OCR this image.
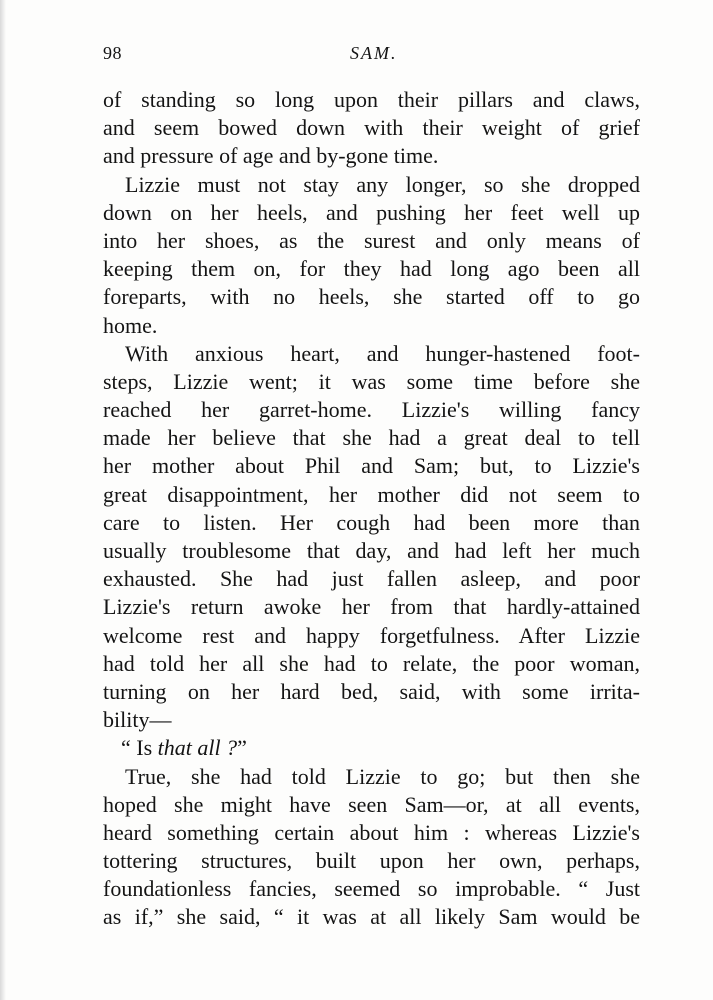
98	SAM.
of standing so long upon their pillars and claws,
and seem bowed down with their weight of grief
and pressure of age and by-gone time.
Lizzie must not stay any longer, so she dropped
down on her heels, and pushing her feet well up
into her shoes, as the surest and only means of
keeping them on, for they had long ago been all
foreparts, with no heels, she started off to go
home.
With anxious heart, and hunger-hastened foot-
steps, Lizzie went; it was some time before she
reached her garret-home. Lizzie's willing fancy
made her believe that she had a great deal to tell
her mother about Phil and Sam; but, to Lizzie's
great disappointment, her mother did not seem to
care to listen. Her cough had been more than
usually troublesome that day, and had left her much
exhausted. She had just fallen asleep, and poor
Lizzie's return awoke her from that hardly-attained
welcome rest and happy forgetfulness. After Lizzie
had told her all she had to relate, the poor woman,
turning on her hard bed, said, with some irrita-
bility—
“ Is that all ?”
True, she had told Lizzie to go; but then she
hoped she might have seen Sam—or, at all events,
heard something certain about him : whereas Lizzie's
tottering structures, built upon her own, perhaps,
foundationless fancies, seemed so improbable. “ Just
as if,” she said, “ it was at all likely Sam would be
